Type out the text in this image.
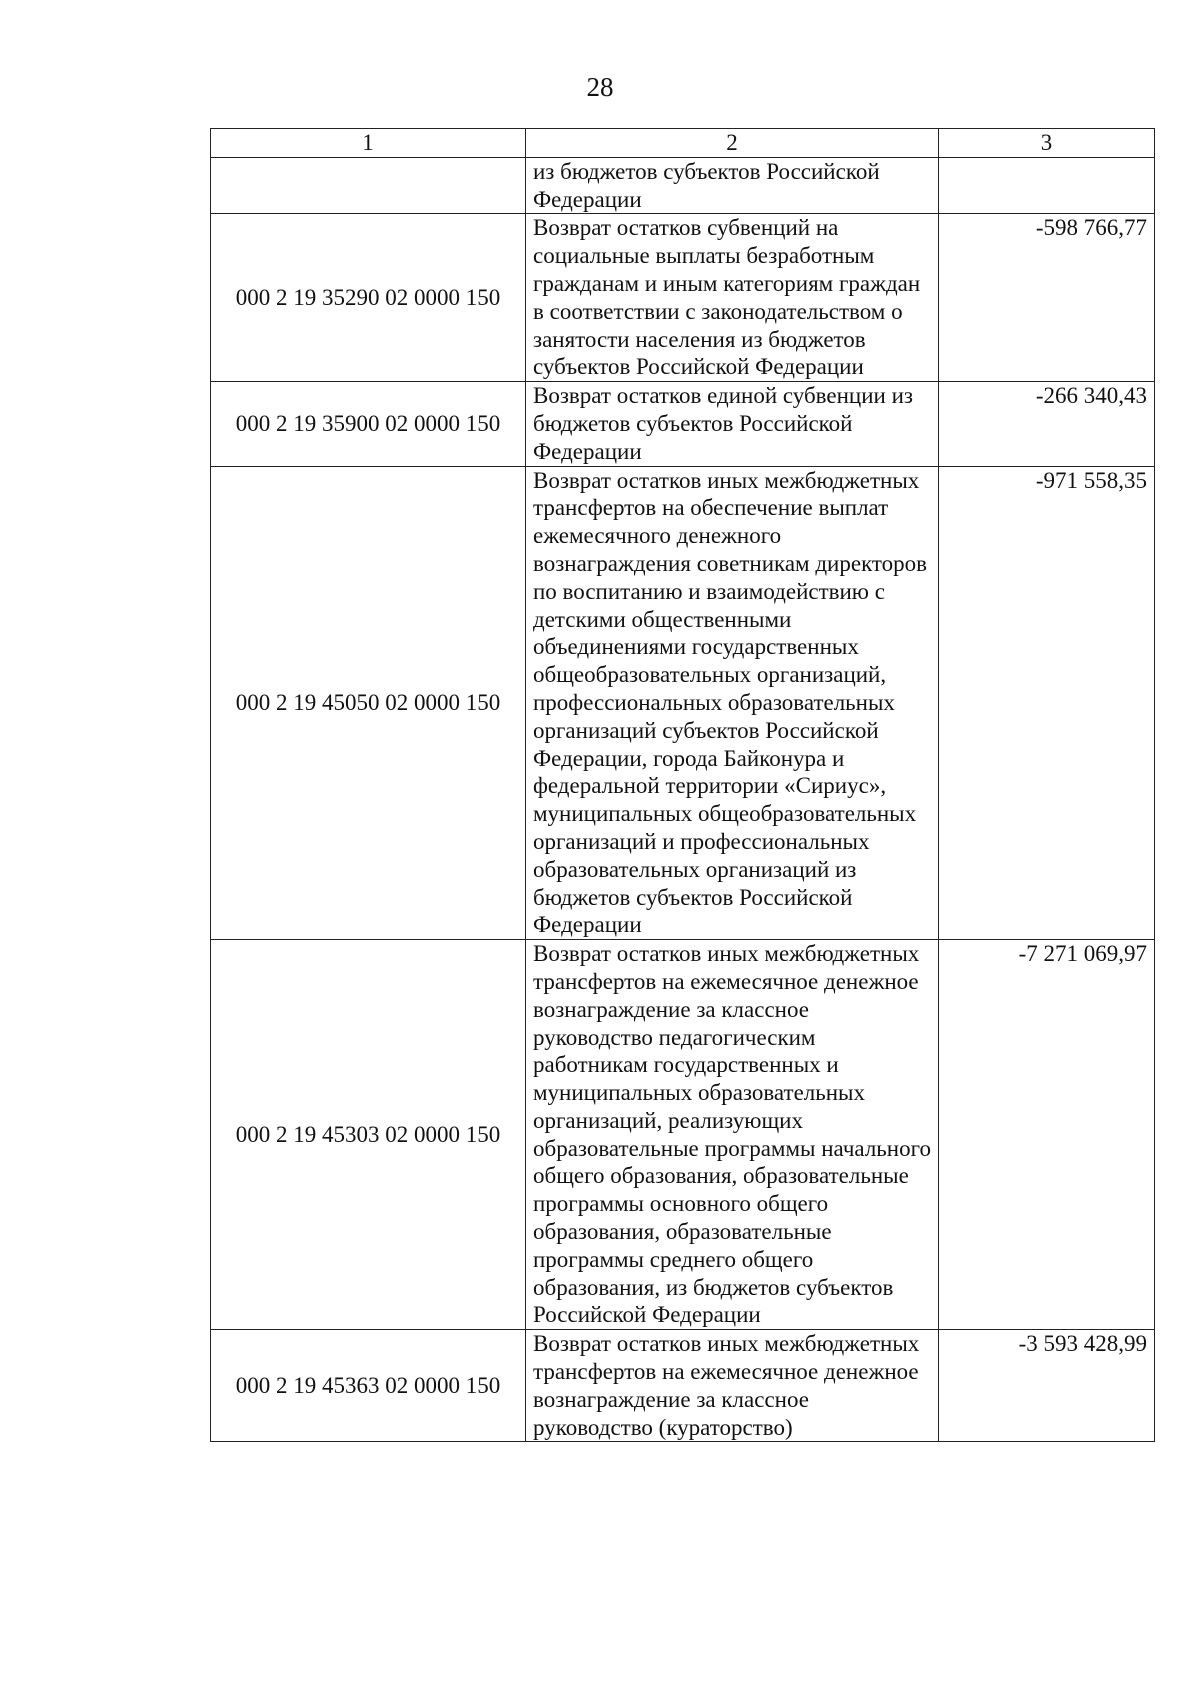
28
1	2	3
	из бюджетов субъектов Российской Федерации	
000 2 19 35290 02 0000 150	Возврат остатков субвенций на социальные выплаты безработным гражданам и иным категориям граждан в соответствии с законодательством о занятости населения из бюджетов субъектов Российской Федерации	-598 766,77
000 2 19 35900 02 0000 150	Возврат остатков единой субвенции из бюджетов субъектов Российской Федерации	-266 340,43
000 2 19 45050 02 0000 150	Возврат остатков иных межбюджетных трансфертов на обеспечение выплат ежемесячного денежного вознаграждения советникам директоров по воспитанию и взаимодействию с детскими общественными объединениями государственных общеобразовательных организаций, профессиональных образовательных организаций субъектов Российской Федерации, города Байконура и федеральной территории «Сириус», муниципальных общеобразовательных организаций и профессиональных образовательных организаций из бюджетов субъектов Российской Федерации	-971 558,35
000 2 19 45303 02 0000 150	Возврат остатков иных межбюджетных трансфертов на ежемесячное денежное вознаграждение за классное руководство педагогическим работникам государственных и муниципальных образовательных организаций, реализующих образовательные программы начального общего образования, образовательные программы основного общего образования, образовательные программы среднего общего образования, из бюджетов субъектов Российской Федерации	-7 271 069,97
000 2 19 45363 02 0000 150	Возврат остатков иных межбюджетных трансфертов на ежемесячное денежное вознаграждение за классное руководство (кураторство)	-3 593 428,99
